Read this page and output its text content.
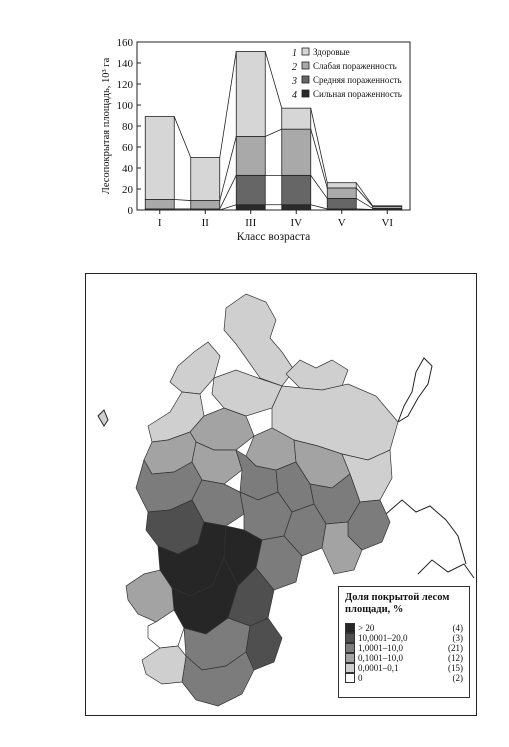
0
20
40
60
80
100
120
140
160
I	II	III	IV	V	VI
Класс возраста
Лесопокрытая площадь, 10³ га
1 Здоровые
2 Слабая пораженность
3 Средняя пораженность
4 Сильная пораженность
Доля покрытой лесом площади, %
> 20	(4)
10,0001–20,0	(3)
1,0001–10,0	(21)
0,1001–10,0	(12)
0,0001–0,1	(15)
0	(2)
